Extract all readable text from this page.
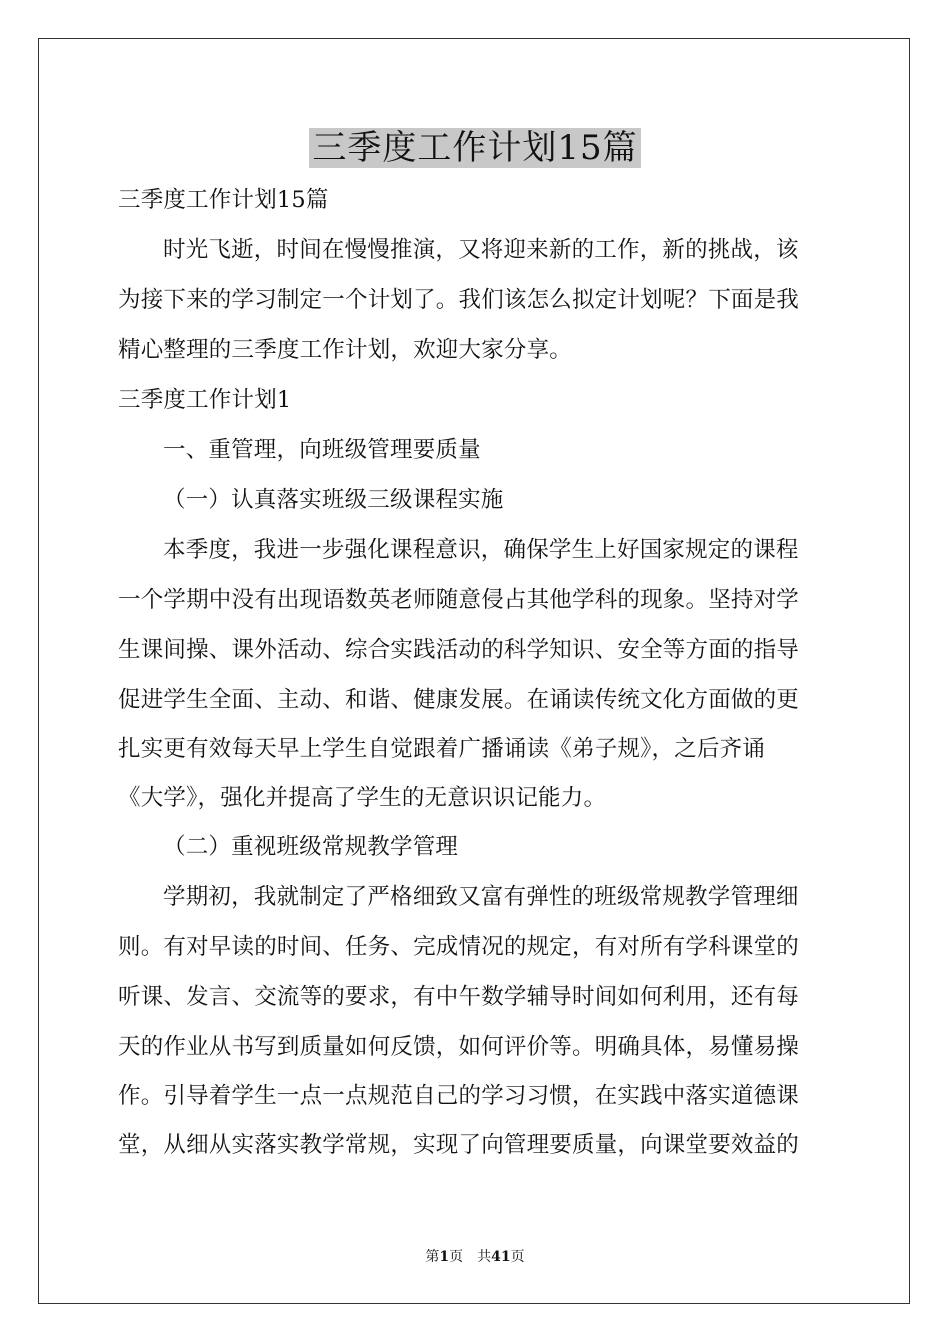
三季度工作计划15篇
三季度工作计划15篇
时光飞逝，时间在慢慢推演，又将迎来新的工作，新的挑战，该
为接下来的学习制定一个计划了。我们该怎么拟定计划呢？下面是我
精心整理的三季度工作计划，欢迎大家分享。
三季度工作计划1
一、重管理，向班级管理要质量
（一）认真落实班级三级课程实施
本季度，我进一步强化课程意识，确保学生上好国家规定的课程
一个学期中没有出现语数英老师随意侵占其他学科的现象。坚持对学
生课间操、课外活动、综合实践活动的科学知识、安全等方面的指导
促进学生全面、主动、和谐、健康发展。在诵读传统文化方面做的更
扎实更有效每天早上学生自觉跟着广播诵读《弟子规》，之后齐诵
《大学》，强化并提高了学生的无意识识记能力。
（二）重视班级常规教学管理
学期初，我就制定了严格细致又富有弹性的班级常规教学管理细
则。有对早读的时间、任务、完成情况的规定，有对所有学科课堂的
听课、发言、交流等的要求，有中午数学辅导时间如何利用，还有每
天的作业从书写到质量如何反馈，如何评价等。明确具体，易懂易操
作。引导着学生一点一点规范自己的学习习惯，在实践中落实道德课
堂，从细从实落实教学常规，实现了向管理要质量，向课堂要效益的
第1页　共41页
